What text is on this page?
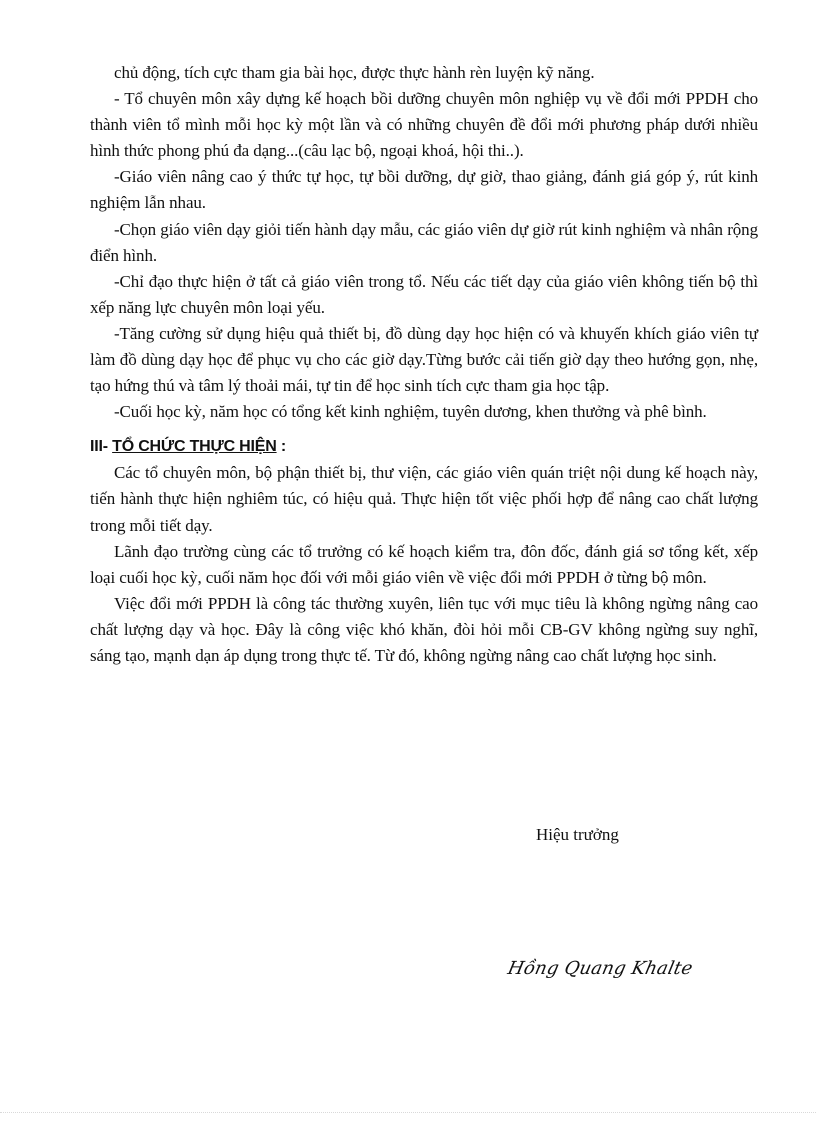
chủ động, tích cực tham gia bài học, được thực hành rèn luyện kỹ năng.

- Tổ chuyên môn xây dựng kế hoạch bồi dưỡng chuyên môn nghiệp vụ về đổi mới PPDH cho thành viên tổ mình mỗi học kỳ một lần và có những chuyên đề đổi mới phương pháp dưới nhiều hình thức phong phú đa dạng...(câu lạc bộ, ngoại khoá, hội thi..).

-Giáo viên nâng cao ý thức tự học, tự bồi dưỡng, dự giờ, thao giảng, đánh giá góp ý, rút kinh nghiệm lẫn nhau.

-Chọn giáo viên dạy giỏi tiến hành dạy mẫu, các giáo viên dự giờ rút kinh nghiệm và nhân rộng điển hình.

-Chỉ đạo thực hiện ở tất cả giáo viên trong tổ. Nếu các tiết dạy của giáo viên không tiến bộ thì xếp năng lực chuyên môn loại yếu.

-Tăng cường sử dụng hiệu quả thiết bị, đồ dùng dạy học hiện có và khuyến khích giáo viên tự làm đồ dùng dạy học để phục vụ cho các giờ dạy.Từng bước cải tiến giờ dạy theo hướng gọn, nhẹ, tạo hứng thú và tâm lý thoải mái, tự tin để học sinh tích cực tham gia học tập.

-Cuối học kỳ, năm học có tổng kết kinh nghiệm, tuyên dương, khen thưởng và phê bình.

III- TỔ CHỨC THỰC HIỆN :

Các tổ chuyên môn, bộ phận thiết bị, thư viện, các giáo viên quán triệt nội dung kế hoạch này, tiến hành thực hiện nghiêm túc, có hiệu quả. Thực hiện tốt việc phối hợp để nâng cao chất lượng trong mỗi tiết dạy.

Lãnh đạo trường cùng các tổ trưởng có kế hoạch kiểm tra, đôn đốc, đánh giá sơ tổng kết, xếp loại cuối học kỳ, cuối năm học đối với mỗi giáo viên về việc đổi mới PPDH ở từng bộ môn.

Việc đổi mới PPDH là công tác thường xuyên, liên tục với mục tiêu là không ngừng nâng cao chất lượng dạy và học. Đây là công việc khó khăn, đòi hỏi mỗi CB-GV không ngừng suy nghĩ, sáng tạo, mạnh dạn áp dụng trong thực tế. Từ đó, không ngừng nâng cao chất lượng học sinh.

Hiệu trưởng
Hồng Quang Khalte
